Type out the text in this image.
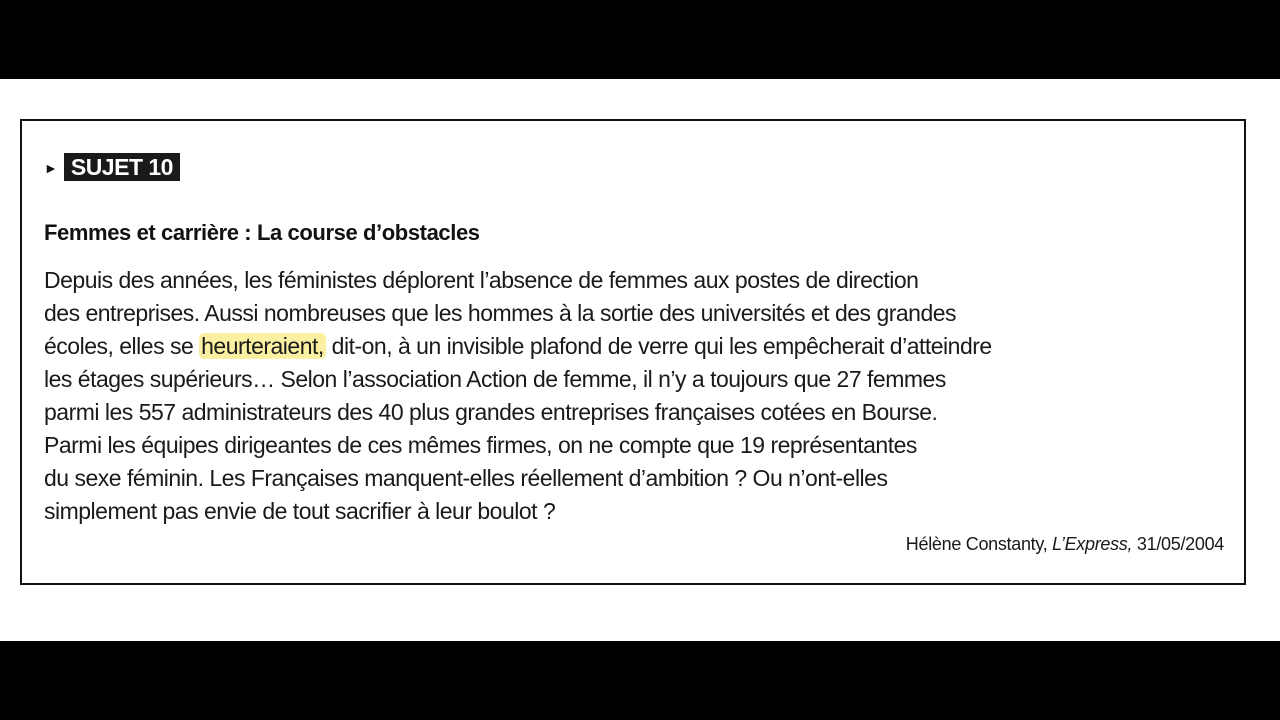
► SUJET 10
Femmes et carrière : La course d’obstacles
Depuis des années, les féministes déplorent l’absence de femmes aux postes de direction
des entreprises. Aussi nombreuses que les hommes à la sortie des universités et des grandes
écoles, elles se heurteraient, dit-on, à un invisible plafond de verre qui les empêcherait d’atteindre
les étages supérieurs… Selon l’association Action de femme, il n’y a toujours que 27 femmes
parmi les 557 administrateurs des 40 plus grandes entreprises françaises cotées en Bourse.
Parmi les équipes dirigeantes de ces mêmes firmes, on ne compte que 19 représentantes
du sexe féminin. Les Françaises manquent-elles réellement d’ambition ? Ou n’ont-elles
simplement pas envie de tout sacrifier à leur boulot ?
Hélène Constanty, L’Express, 31/05/2004
